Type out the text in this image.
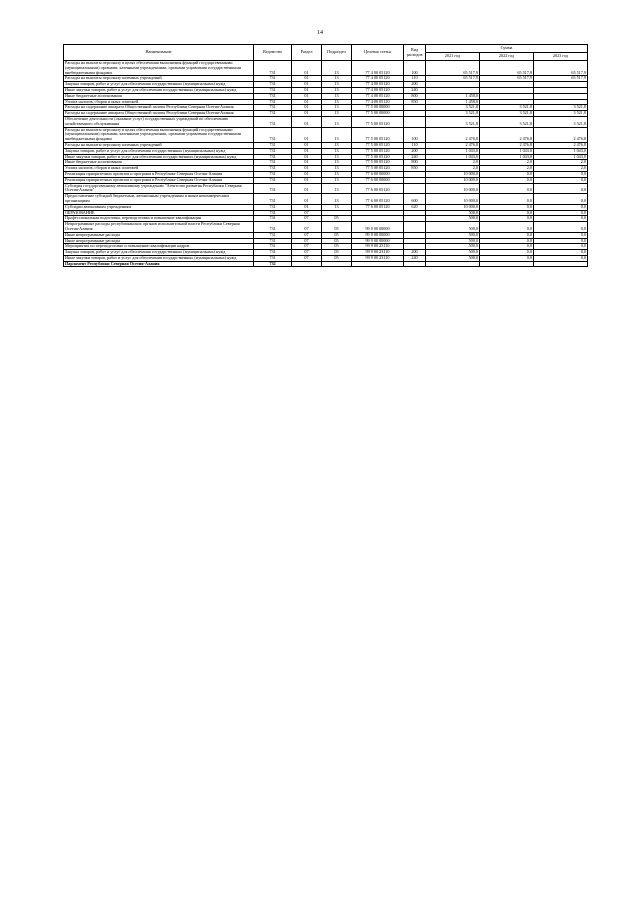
14
Наименование	Ведомство	Раздел	Подраздел	Целевая статья	Вид расходов	Сумма		
						2021 год	2022 год	2023 год
Расходы на выплаты персоналу в целях обеспечения выполнения функций государственными (муниципальными) органами, казенными учреждениями, органами управления государственными внебюджетными фондами	731	01	13	77 4 00 05120	100	65 517,9	65 517,9	65 517,9
Расходы на выплаты персоналу казенных учреждений	731	01	13	77 4 00 05120	110	65 517,9	65 517,9	65 517,9
Закупка товаров, работ и услуг для обеспечения государственных (муниципальных) нужд	731	01	13	77 4 00 05120	200			
Иные закупки товаров, работ и услуг для обеспечения государственных (муниципальных) нужд	731	01	13	77 4 00 05120	240			
Иные бюджетные ассигнования	731	01	13	77 4 00 05120	800	1 458,0		
Уплата налогов, сборов и иных платежей	731	01	13	77 4 00 05120	850	1 458,0		
Расходы на содержание аппарата Общественной палаты Республики Северная Осетия-Алания	731	01	13	77 5 00 00000		3 521,8	3 521,8	3 521,8
Расходы на содержание аппарата Общественной палаты Республики Северная Осетия-Алания	731	01	13	77 5 00 00000		3 521,8	3 521,8	3 521,8
Обеспечение деятельности (оказание услуг) государственных учреждений по обеспечению хозяйственного обслуживания	731	01	13	77 5 00 05120		3 521,8	3 521,8	3 521,8
Расходы на выплаты персоналу в целях обеспечения выполнения функций государственными (муниципальными) органами, казенными учреждениями, органами управления государственными внебюджетными фондами	731	01	13	77 5 00 05120	100	2 476,8	2 476,8	2 476,8
Расходы на выплаты персоналу казенных учреждений	731	01	13	77 5 00 05120	110	2 476,8	2 476,8	2 476,8
Закупка товаров, работ и услуг для обеспечения государственных (муниципальных) нужд	731	01	13	77 5 00 05120	200	1 043,0	1 043,0	1 043,0
Иные закупки товаров, работ и услуг для обеспечения государственных (муниципальных) нужд	731	01	13	77 5 00 05120	240	1 043,0	1 043,0	1 043,0
Иные бюджетные ассигнования	731	01	13	77 5 00 05120	800	2,0	2,0	2,0
Уплата налогов, сборов и иных платежей	731	01	13	77 5 00 05120	850	2,0	2,0	2,0
Реализация приоритетных проектов и программ в Республике Северная Осетия-Алания	731	01	13	77 6 00 00000		10 000,0	0,0	0,0
Реализация приоритетных проектов и программ в Республике Северная Осетия-Алания	731	01	13	77 6 00 00000		10 000,0	0,0	0,0
Субсидия государственному автономному учреждению "Агентство развития Республики Северная Осетия-Алания"	731	01	13	77 6 00 05120		10 000,0	0,0	0,0
Предоставление субсидий бюджетным, автономным учреждениям и иным некоммерческим организациям	731	01	13	77 6 00 05120	600	10 000,0	0,0	0,0
Субсидии автономным учреждениям	731	01	13	77 6 00 05120	620	10 000,0	0,0	0,0
ОБРАЗОВАНИЕ	731	07				500,0	0,0	0,0
Профессиональная подготовка, переподготовка и повышение квалификации	731	07	05			500,0	0,0	0,0
Непрограммные расходы республиканских органов исполнительной власти Республики Северная Осетия-Алания	731	07	05	99 0 00 00000		500,0	0,0	0,0
Иные непрограммные расходы	731	07	05	99 9 00 00000		500,0	0,0	0,0
Иные непрограммные расходы	731	07	05	99 9 00 00000		500,0	0,0	0,0
Мероприятия по переподготовке и повышению квалификации кадров	731	07	05	99 9 00 23110		500,0	0,0	0,0
Закупка товаров, работ и услуг для обеспечения государственных (муниципальных) нужд	731	07	05	99 9 00 23110	200	500,0	0,0	0,0
Иные закупки товаров, работ и услуг для обеспечения государственных (муниципальных) нужд	731	07	05	99 9 00 23110	240	500,0	0,0	0,0
Парламент Республики Северная Осетия-Алания	732							
